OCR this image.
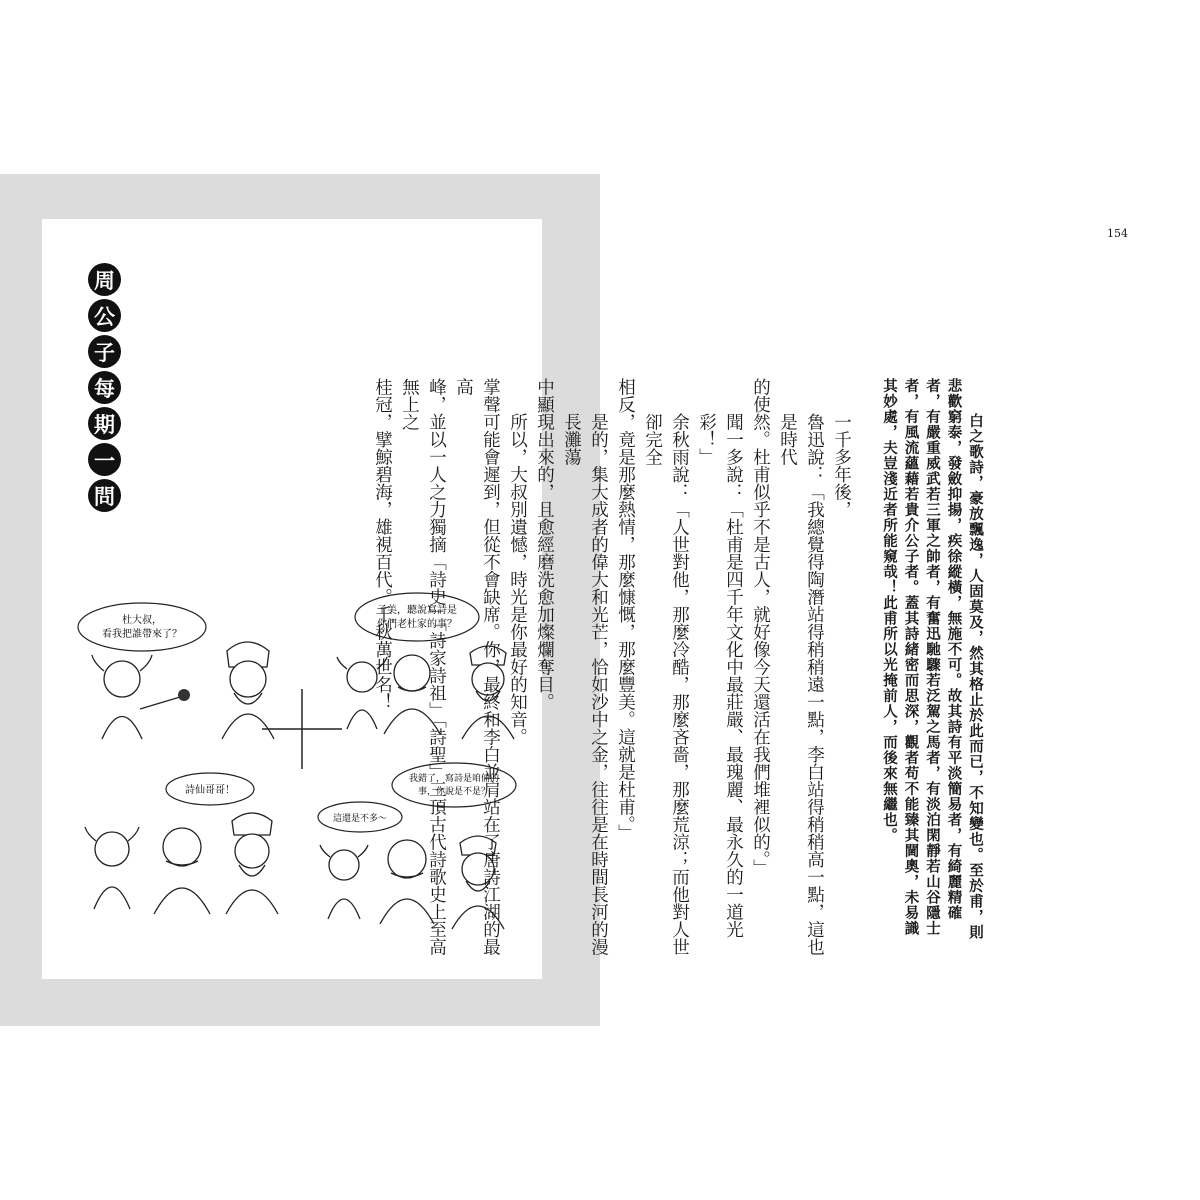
周
公
子
每
期
一
問
杜大叔，
看我把誰帶來了？
子美，聽說寫詩是
你們老杜家的事？
詩仙哥哥！
這還是不多～
我錯了，寫詩是咱倆的
事，你說是不是？
154
白之歌詩，豪放飄逸，人固莫及，然其格止於此而已，不知變也。至於甫，則
悲歡窮泰，發斂抑揚，疾徐縱橫，無施不可。故其詩有平淡簡易者，有綺麗精確
者，有嚴重威武若三軍之帥者，有奮迅馳驟若泛駕之馬者，有淡泊閑靜若山谷隱士
者，有風流蘊藉若貴介公子者。蓋其詩緒密而思深，觀者苟不能臻其閫奧，未易識
其妙處，夫豈淺近者所能窺哉！此甫所以光掩前人，而後來無繼也。
一千多年後，
魯迅說：「我總覺得陶潛站得稍稍遠一點，李白站得稍稍高一點，這也是時代
的使然。杜甫似乎不是古人，就好像今天還活在我們堆裡似的。」
聞一多說：「杜甫是四千年文化中最莊嚴、最瑰麗、最永久的一道光彩！」
余秋雨說：「人世對他，那麼冷酷，那麼吝嗇，那麼荒涼；而他對人世卻完全
相反，竟是那麼熱情，那麼慷慨，那麼豐美。這就是杜甫。」
是的，集大成者的偉大和光芒，恰如沙中之金，往往是在時間長河的漫長灘蕩
中顯現出來的，且愈經磨洗愈加燦爛奪目。
所以，大叔別遺憾，時光是你最好的知音。
掌聲可能會遲到，但從不會缺席。你，最終和李白並肩站在了唐詩江湖的最高
峰，並以一人之力獨摘「詩史」「詩家詩祖」「詩聖」三頂古代詩歌史上至高無上之
桂冠，擘鯨碧海，雄視百代。千秋萬世名！
